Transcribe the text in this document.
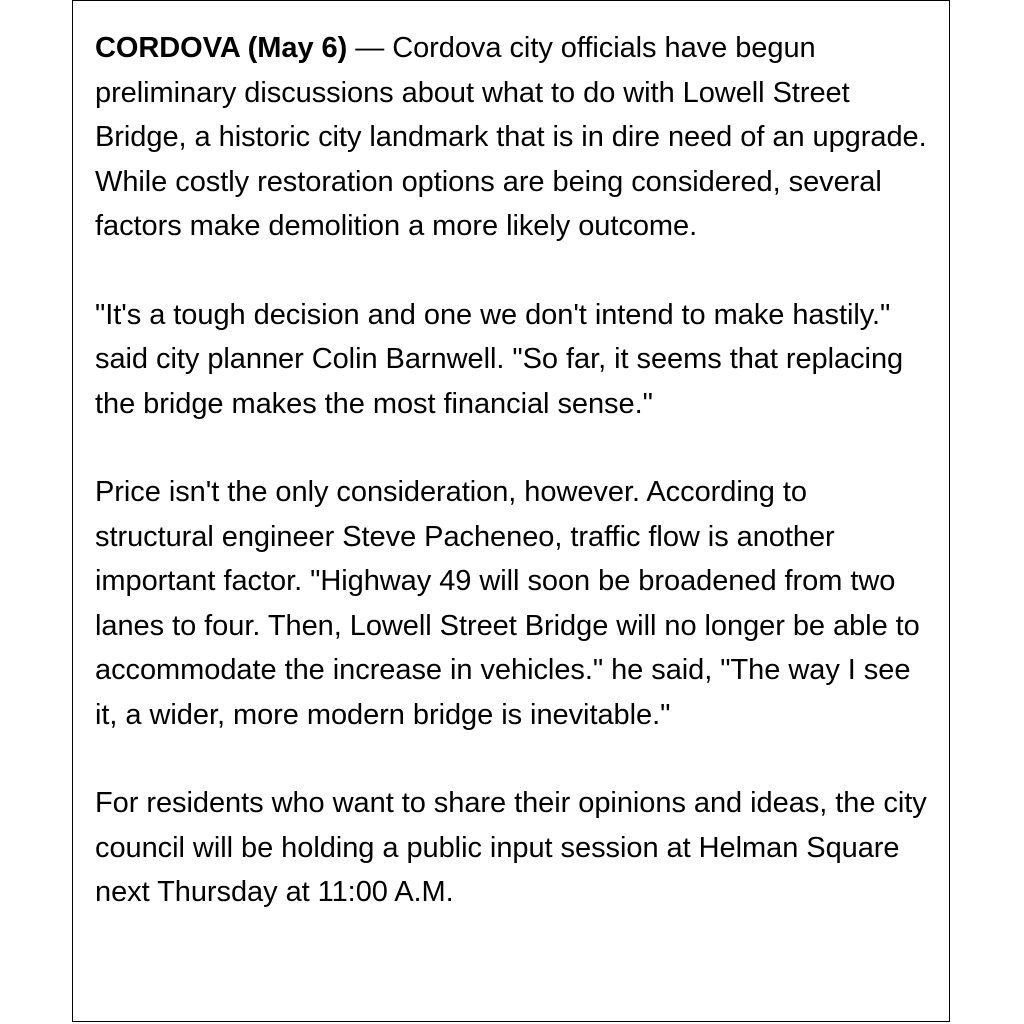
CORDOVA (May 6) — Cordova city officials have begun preliminary discussions about what to do with Lowell Street Bridge, a historic city landmark that is in dire need of an upgrade. While costly restoration options are being considered, several factors make demolition a more likely outcome.

"It's a tough decision and one we don't intend to make hastily." said city planner Colin Barnwell. "So far, it seems that replacing the bridge makes the most financial sense."

Price isn't the only consideration, however. According to structural engineer Steve Pacheneo, traffic flow is another important factor. "Highway 49 will soon be broadened from two lanes to four. Then, Lowell Street Bridge will no longer be able to accommodate the increase in vehicles." he said, "The way I see it, a wider, more modern bridge is inevitable."

For residents who want to share their opinions and ideas, the city council will be holding a public input session at Helman Square next Thursday at 11:00 A.M.
